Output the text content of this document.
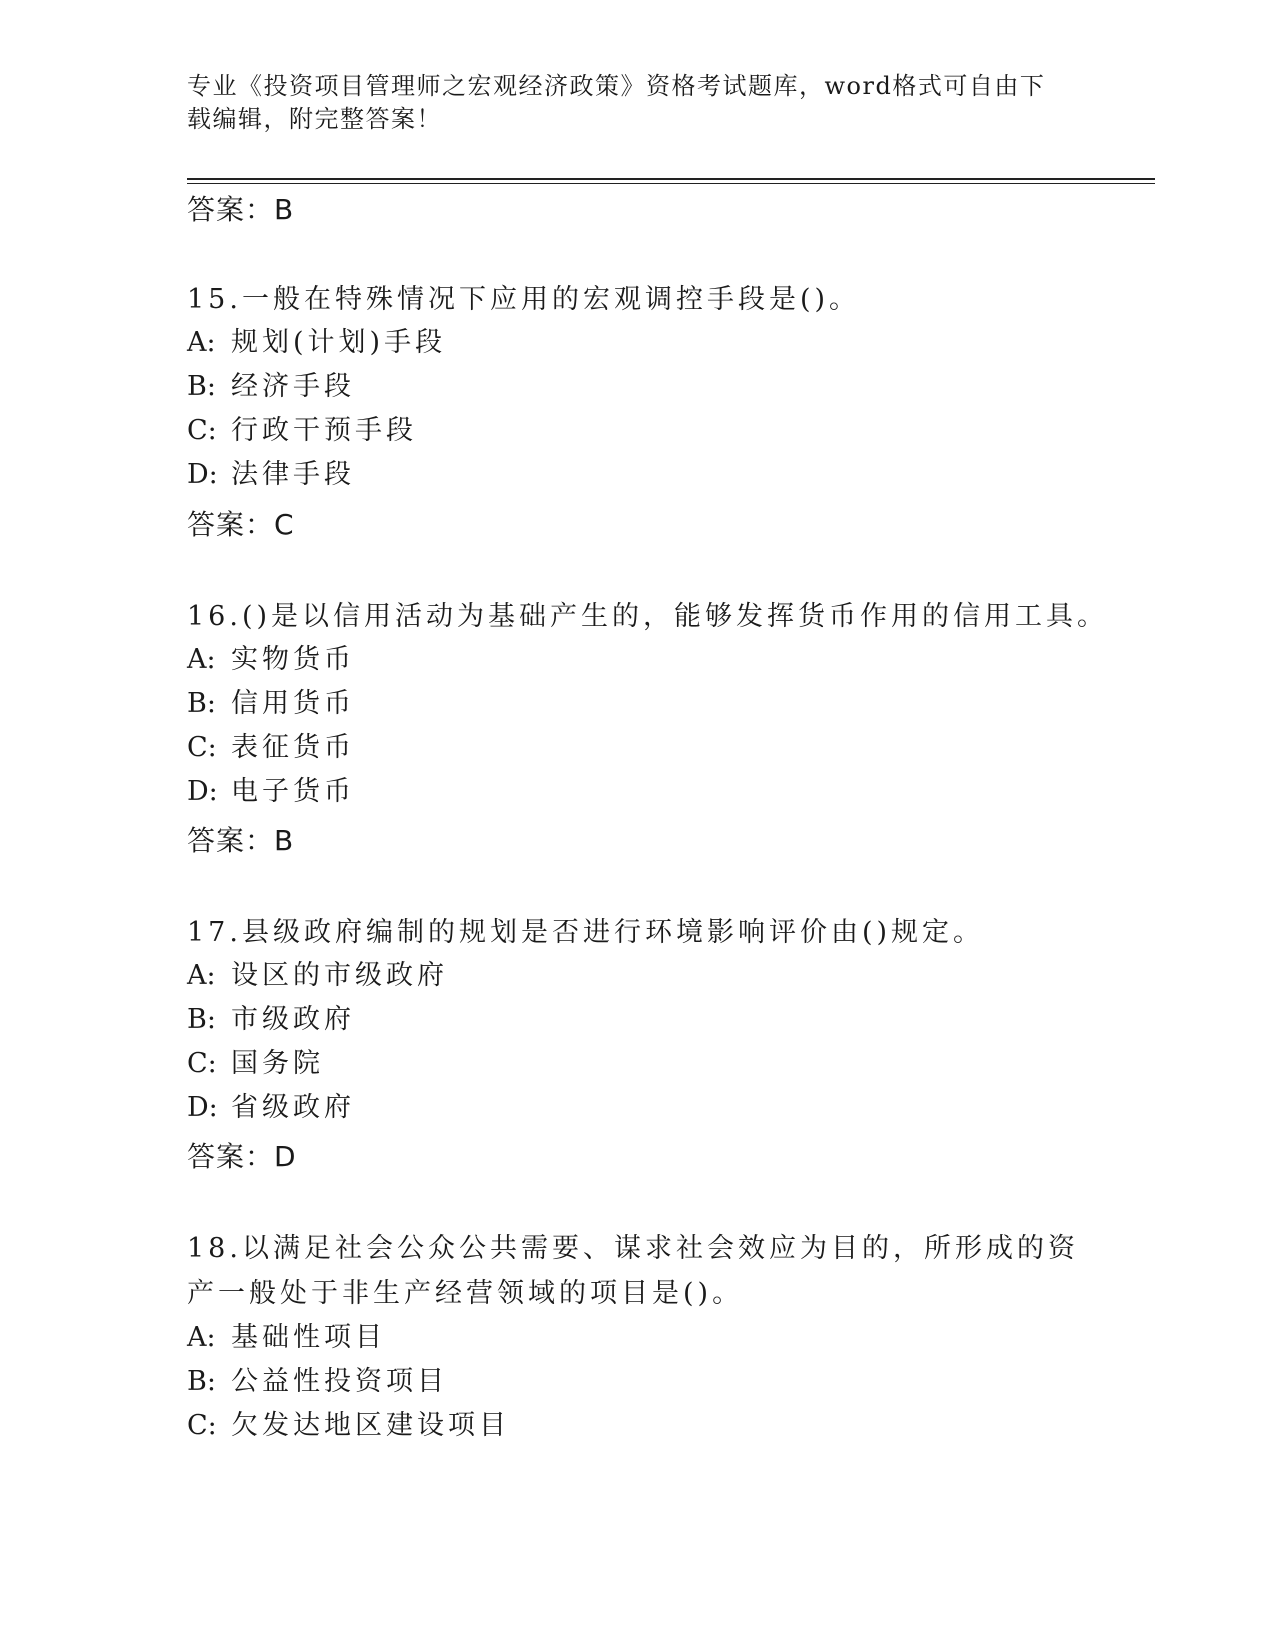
专业《投资项目管理师之宏观经济政策》资格考试题库，word格式可自由下载编辑，附完整答案！
答案：B
15.一般在特殊情况下应用的宏观调控手段是()。
A: 规划(计划)手段
B: 经济手段
C: 行政干预手段
D: 法律手段
答案：C
16.()是以信用活动为基础产生的，能够发挥货币作用的信用工具。
A: 实物货币
B: 信用货币
C: 表征货币
D: 电子货币
答案：B
17.县级政府编制的规划是否进行环境影响评价由()规定。
A: 设区的市级政府
B: 市级政府
C: 国务院
D: 省级政府
答案：D
18.以满足社会公众公共需要、谋求社会效应为目的，所形成的资产一般处于非生产经营领域的项目是()。
A: 基础性项目
B: 公益性投资项目
C: 欠发达地区建设项目
